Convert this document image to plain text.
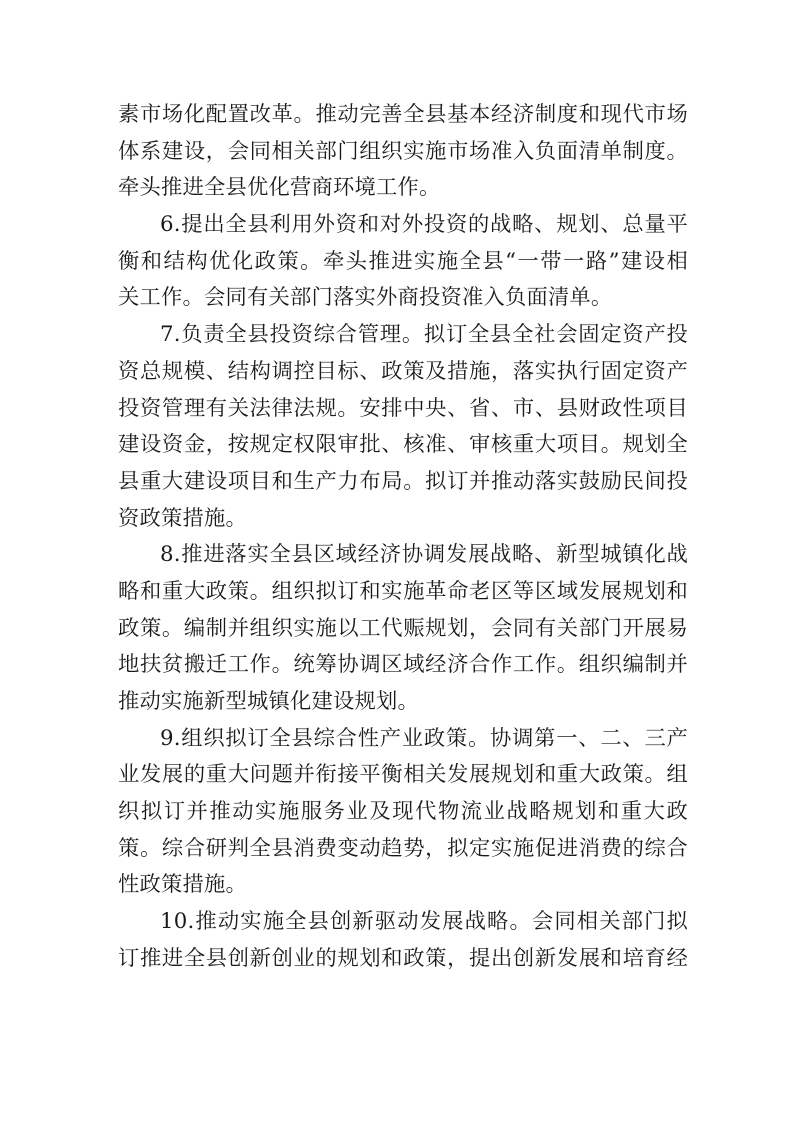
素市场化配置改革。推动完善全县基本经济制度和现代市场
体系建设，会同相关部门组织实施市场准入负面清单制度。
牵头推进全县优化营商环境工作。
6.提出全县利用外资和对外投资的战略、规划、总量平
衡和结构优化政策。牵头推进实施全县“一带一路”建设相
关工作。会同有关部门落实外商投资准入负面清单。
7.负责全县投资综合管理。拟订全县全社会固定资产投
资总规模、结构调控目标、政策及措施，落实执行固定资产
投资管理有关法律法规。安排中央、省、市、县财政性项目
建设资金，按规定权限审批、核准、审核重大项目。规划全
县重大建设项目和生产力布局。拟订并推动落实鼓励民间投
资政策措施。
8.推进落实全县区域经济协调发展战略、新型城镇化战
略和重大政策。组织拟订和实施革命老区等区域发展规划和
政策。编制并组织实施以工代赈规划，会同有关部门开展易
地扶贫搬迁工作。统筹协调区域经济合作工作。组织编制并
推动实施新型城镇化建设规划。
9.组织拟订全县综合性产业政策。协调第一、二、三产
业发展的重大问题并衔接平衡相关发展规划和重大政策。组
织拟订并推动实施服务业及现代物流业战略规划和重大政
策。综合研判全县消费变动趋势，拟定实施促进消费的综合
性政策措施。
10.推动实施全县创新驱动发展战略。会同相关部门拟
订推进全县创新创业的规划和政策，提出创新发展和培育经
